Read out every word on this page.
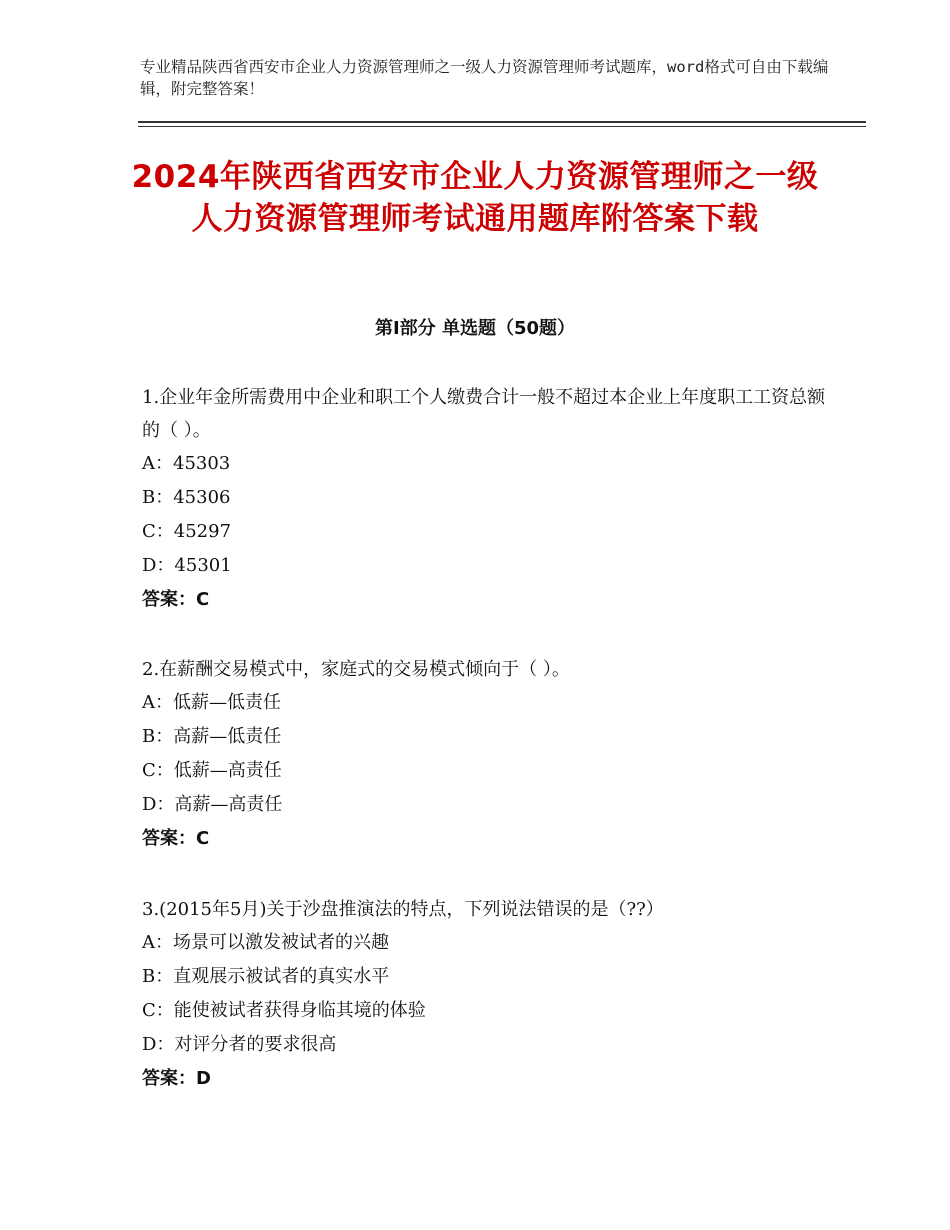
专业精品陕西省西安市企业人力资源管理师之一级人力资源管理师考试题库，word格式可自由下载编辑，附完整答案！
2024年陕西省西安市企业人力资源管理师之一级人力资源管理师考试通用题库附答案下载
第Ⅰ部分 单选题（50题）

1.企业年金所需费用中企业和职工个人缴费合计一般不超过本企业上年度职工工资总额的（ ）。

A：45303

B：45306

C：45297

D：45301

答案：C

2.在薪酬交易模式中，家庭式的交易模式倾向于（ ）。

A：低薪—低责任

B：高薪—低责任

C：低薪—高责任

D：高薪—高责任

答案：C

3.(2015年5月)关于沙盘推演法的特点，下列说法错误的是（??）

A：场景可以激发被试者的兴趣

B：直观展示被试者的真实水平

C：能使被试者获得身临其境的体验

D：对评分者的要求很高

答案：D
